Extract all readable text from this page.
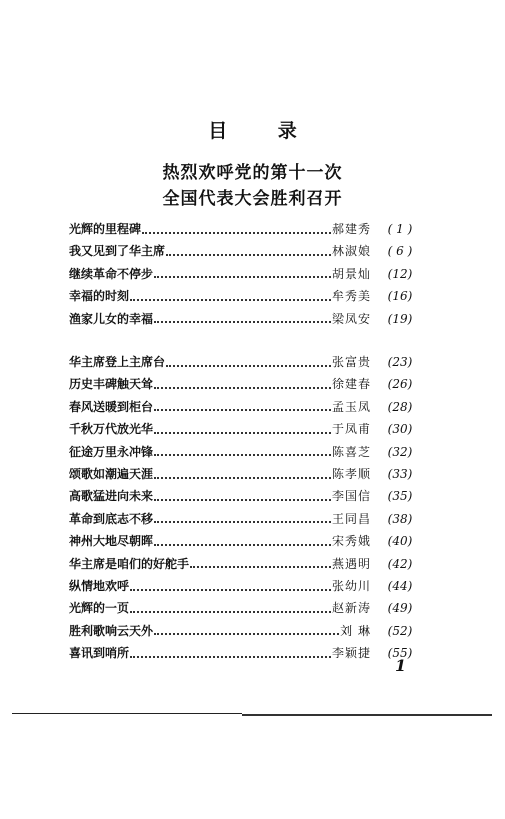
目 录
热烈欢呼党的第十一次
全国代表大会胜利召开
光辉的里程碑	郝建秀	( 1 )
我又见到了华主席	林淑娘	( 6 )
继续革命不停步	胡景灿	(12)
幸福的时刻	牟秀美	(16)
渔家儿女的幸福	梁凤安	(19)
华主席登上主席台	张富贵	(23)
历史丰碑触天耸	徐建春	(26)
春风送暖到柜台	孟玉凤	(28)
千秋万代放光华	于凤甫	(30)
征途万里永冲锋	陈喜芝	(32)
颂歌如潮遍天涯	陈孝顺	(33)
高歌猛进向未来	李国信	(35)
革命到底志不移	王同昌	(38)
神州大地尽朝晖	宋秀娥	(40)
华主席是咱们的好舵手	燕遇明	(42)
纵情地欢呼	张幼川	(44)
光辉的一页	赵新涛	(49)
胜利歌响云天外	刘 琳	(52)
喜讯到哨所	李颖捷	(55)
1
